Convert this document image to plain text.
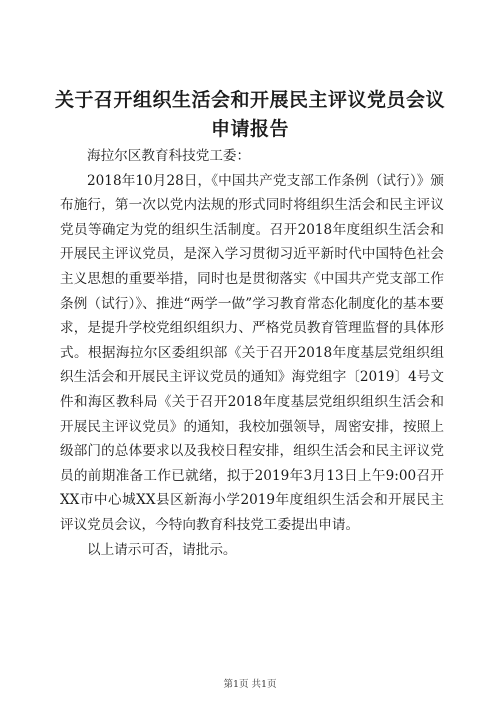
关于召开组织生活会和开展民主评议党员会议申请报告

海拉尔区教育科技党工委：

2018年10月28日，《中国共产党支部工作条例（试行）》颁布施行，第一次以党内法规的形式同时将组织生活会和民主评议党员等确定为党的组织生活制度。召开2018年度组织生活会和开展民主评议党员，是深入学习贯彻习近平新时代中国特色社会主义思想的重要举措，同时也是贯彻落实《中国共产党支部工作条例（试行）》、推进“两学一做”学习教育常态化制度化的基本要求，是提升学校党组织组织力、严格党员教育管理监督的具体形式。根据海拉尔区委组织部《关于召开2018年度基层党组织组织生活会和开展民主评议党员的通知》海党组字〔2019〕4号文件和海区教科局《关于召开2018年度基层党组织组织生活会和开展民主评议党员》的通知，我校加强领导，周密安排，按照上级部门的总体要求以及我校日程安排，组织生活会和民主评议党员的前期准备工作已就绪，拟于2019年3月13日上午9:00召开XX市中心城XX县区新海小学2019年度组织生活会和开展民主评议党员会议，今特向教育科技党工委提出申请。

以上请示可否，请批示。

第1页 共1页
